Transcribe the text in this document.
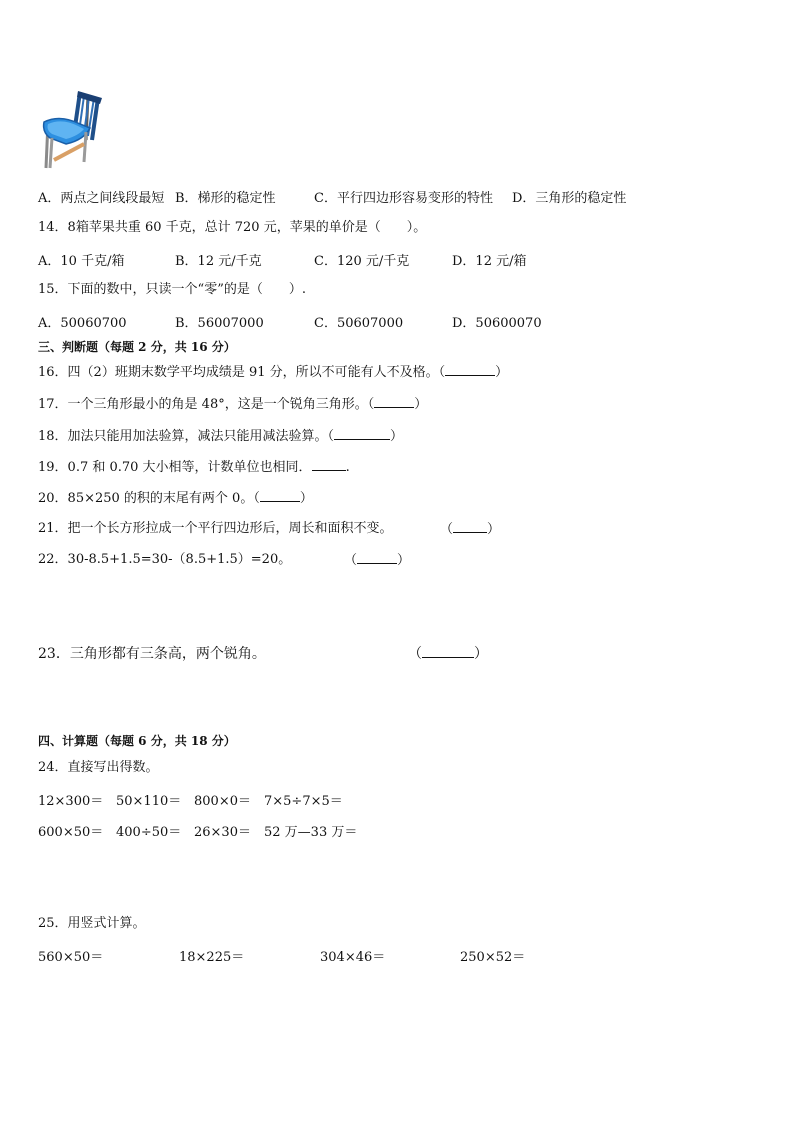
A．两点之间线段最短 B．梯形的稳定性	C．平行四边形容易变形的特性 D．三角形的稳定性
14．8箱苹果共重 60 千克，总计 720 元，苹果的单价是（　　）。
A．10 千克/箱	B．12 元/千克	C．120 元/千克	D．12 元/箱
15．下面的数中，只读一个“零”的是（　　）.
A．50060700	B．56007000	C．50607000	D．50600070
三、判断题（每题 2 分，共 16 分）
16．四（2）班期末数学平均成绩是 91 分，所以不可能有人不及格。（	）
17．一个三角形最小的角是 48°，这是一个锐角三角形。（	）
18．加法只能用加法验算，减法只能用减法验算。（	）
19．0.7 和 0.70 大小相等，计数单位也相同．	.
20．85×250 的积的末尾有两个 0。（	）
21．把一个长方形拉成一个平行四边形后，周长和面积不变。	（	）
22．30-8.5+1.5=30-（8.5+1.5）=20。	（	）
23．三角形都有三条高，两个锐角。	（	）
四、计算题（每题 6 分，共 18 分）
24．直接写出得数。
12×300＝ 50×110＝ 800×0＝ 7×5÷7×5＝
600×50＝ 400÷50＝ 26×30＝ 52 万—33 万＝
25．用竖式计算。
560×50＝	18×225＝	304×46＝	250×52＝
